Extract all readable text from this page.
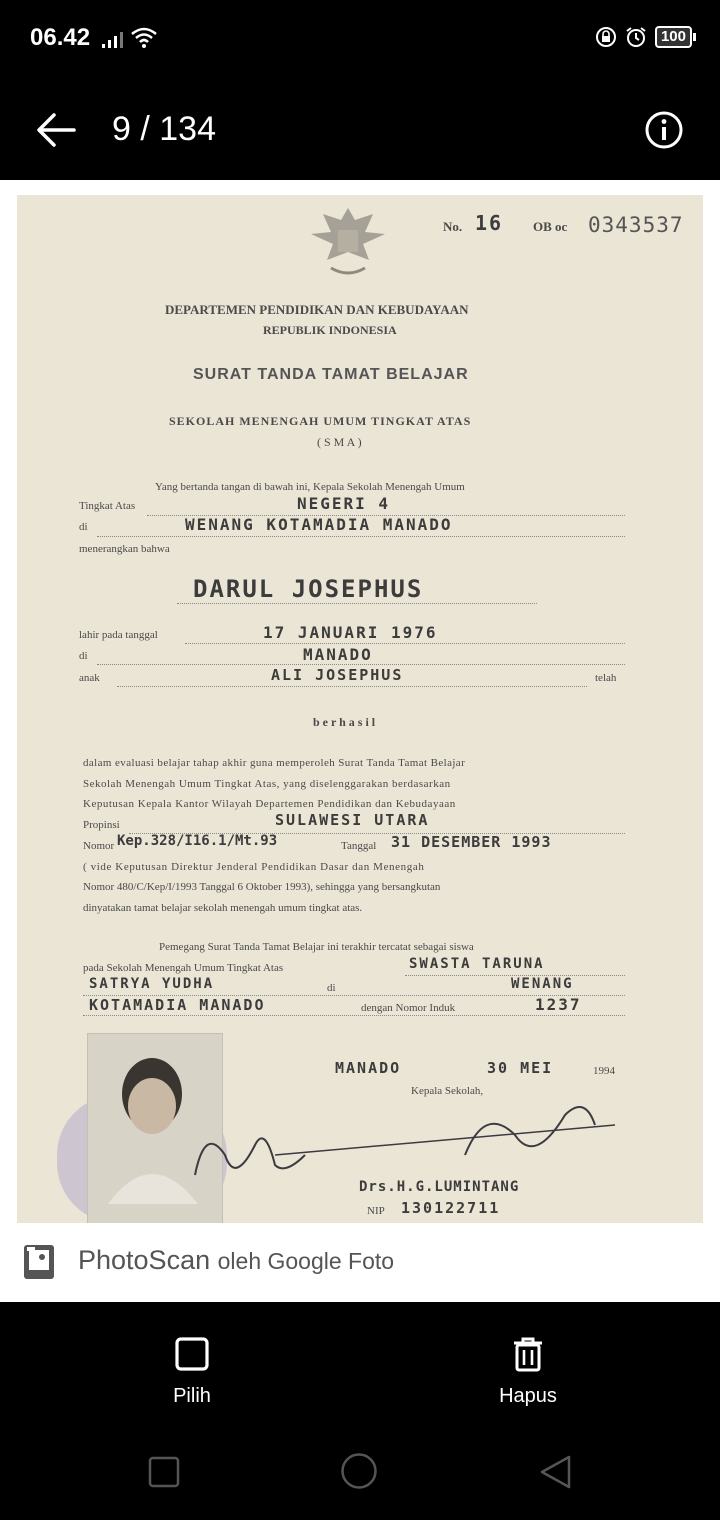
06.42	100
9 / 134
No. 16 OB oc 0343537
DEPARTEMEN PENDIDIKAN DAN KEBUDAYAAN
REPUBLIK INDONESIA
SURAT TANDA TAMAT BELAJAR
SEKOLAH MENENGAH UMUM TINGKAT ATAS
( S M A )
Yang bertanda tangan di bawah ini, Kepala Sekolah Menengah Umum
Tingkat Atas	NEGERI 4
di	WENANG KOTAMADIA MANADO
menerangkan bahwa
DARUL JOSEPHUS
lahir pada tanggal	17 JANUARI 1976
di	MANADO
anak	ALI JOSEPHUS	telah
b e r h a s i l
dalam evaluasi belajar tahap akhir guna memperoleh Surat Tanda Tamat Belajar
Sekolah Menengah Umum Tingkat Atas, yang diselenggarakan berdasarkan
Keputusan Kepala Kantor Wilayah Departemen Pendidikan dan Kebudayaan
Propinsi	SULAWESI UTARA
Nomor Kep.328/I16.1/Mt.93	Tanggal 31 DESEMBER 1993
( vide Keputusan Direktur Jenderal Pendidikan Dasar dan Menengah
Nomor 480/C/Kep/I/1993 Tanggal 6 Oktober 1993), sehingga yang bersangkutan
dinyatakan tamat belajar sekolah menengah umum tingkat atas.
Pemegang Surat Tanda Tamat Belajar ini terakhir tercatat sebagai siswa
pada Sekolah Menengah Umum Tingkat Atas	SWASTA TARUNA
SATRYA YUDHA	di	WENANG
KOTAMADIA MANADO	dengan Nomor Induk	1237
MANADO	30 MEI	1994
Kepala Sekolah,
Drs.H.G.LUMINTANG
NIP 130122711
PhotoScan oleh Google Foto
Pilih	Hapus
